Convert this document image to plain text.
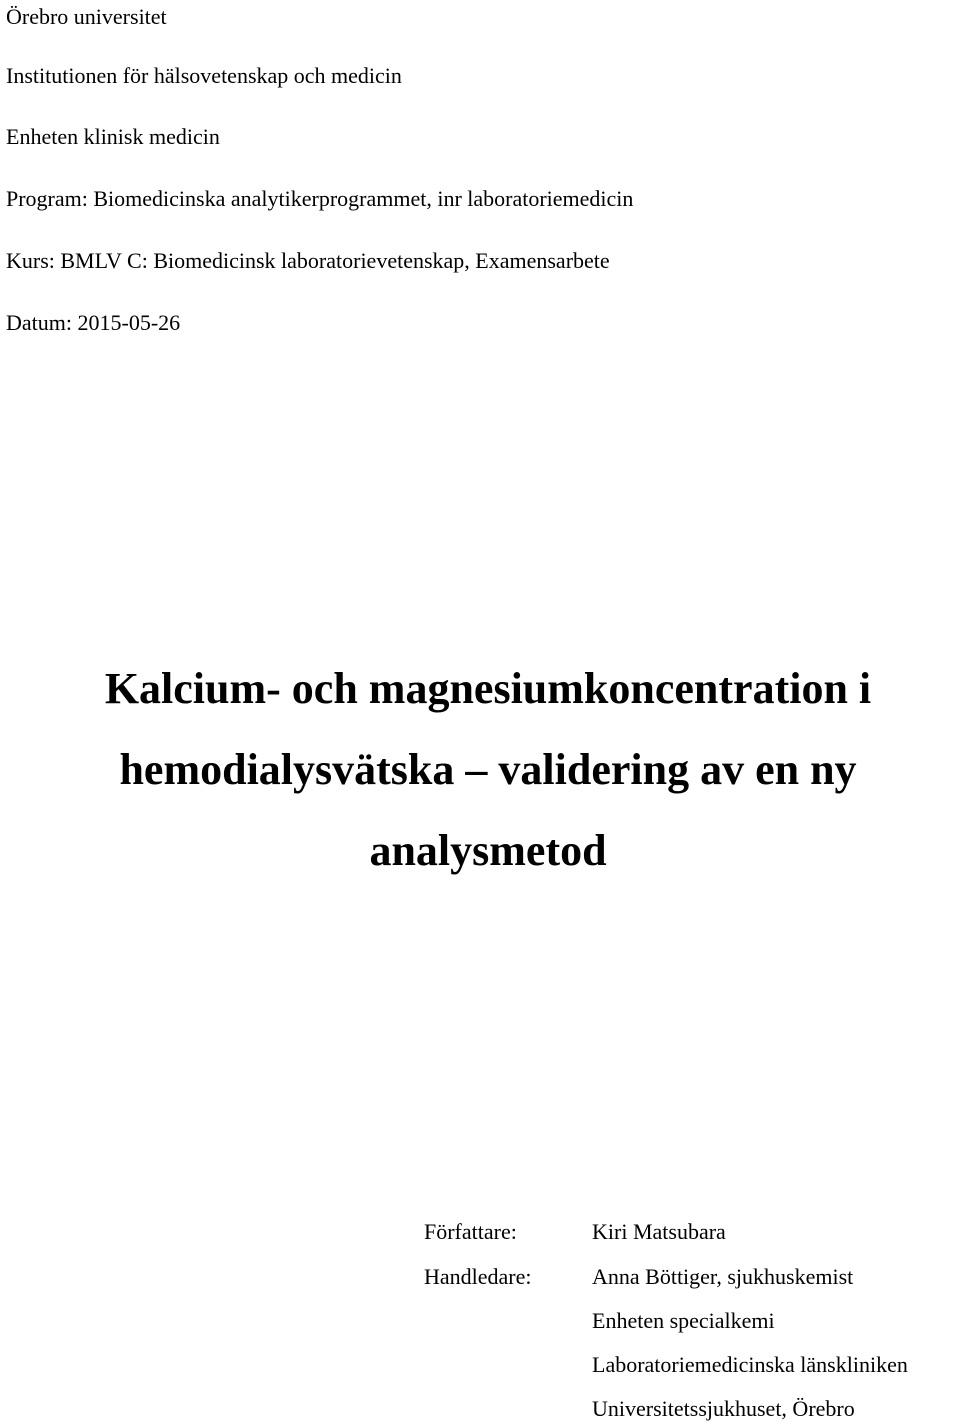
Örebro universitet
Institutionen för hälsovetenskap och medicin
Enheten klinisk medicin
Program: Biomedicinska analytikerprogrammet, inr laboratoriemedicin
Kurs: BMLV C: Biomedicinsk laboratorievetenskap, Examensarbete
Datum: 2015-05-26
Kalcium- och magnesiumkoncentration i
hemodialysvätska – validering av en ny
analysmetod
Författare:	Kiri Matsubara
Handledare:	Anna Böttiger, sjukhuskemist
Enheten specialkemi
Laboratoriemedicinska länskliniken
Universitetssjukhuset, Örebro
